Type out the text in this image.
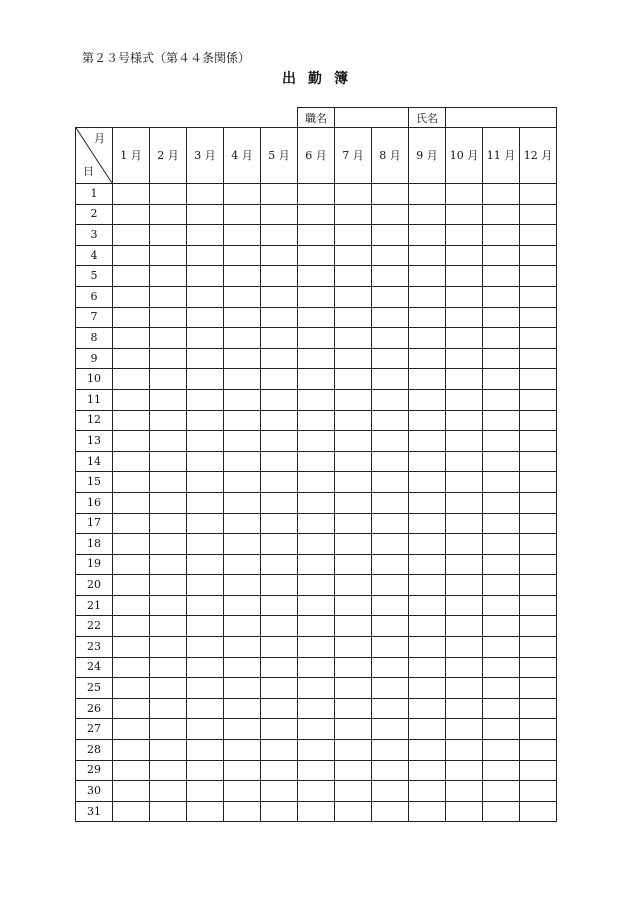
第２３号様式（第４４条関係）
出勤簿
職名		氏名	
月
日	1 月	2 月	3 月	4 月	5 月	6 月	7 月	8 月	9 月	10 月	11 月	12 月
1												
2												
3												
4												
5												
6												
7												
8												
9												
10												
11												
12												
13												
14												
15												
16												
17												
18												
19												
20												
21												
22												
23												
24												
25												
26												
27												
28												
29												
30												
31												
